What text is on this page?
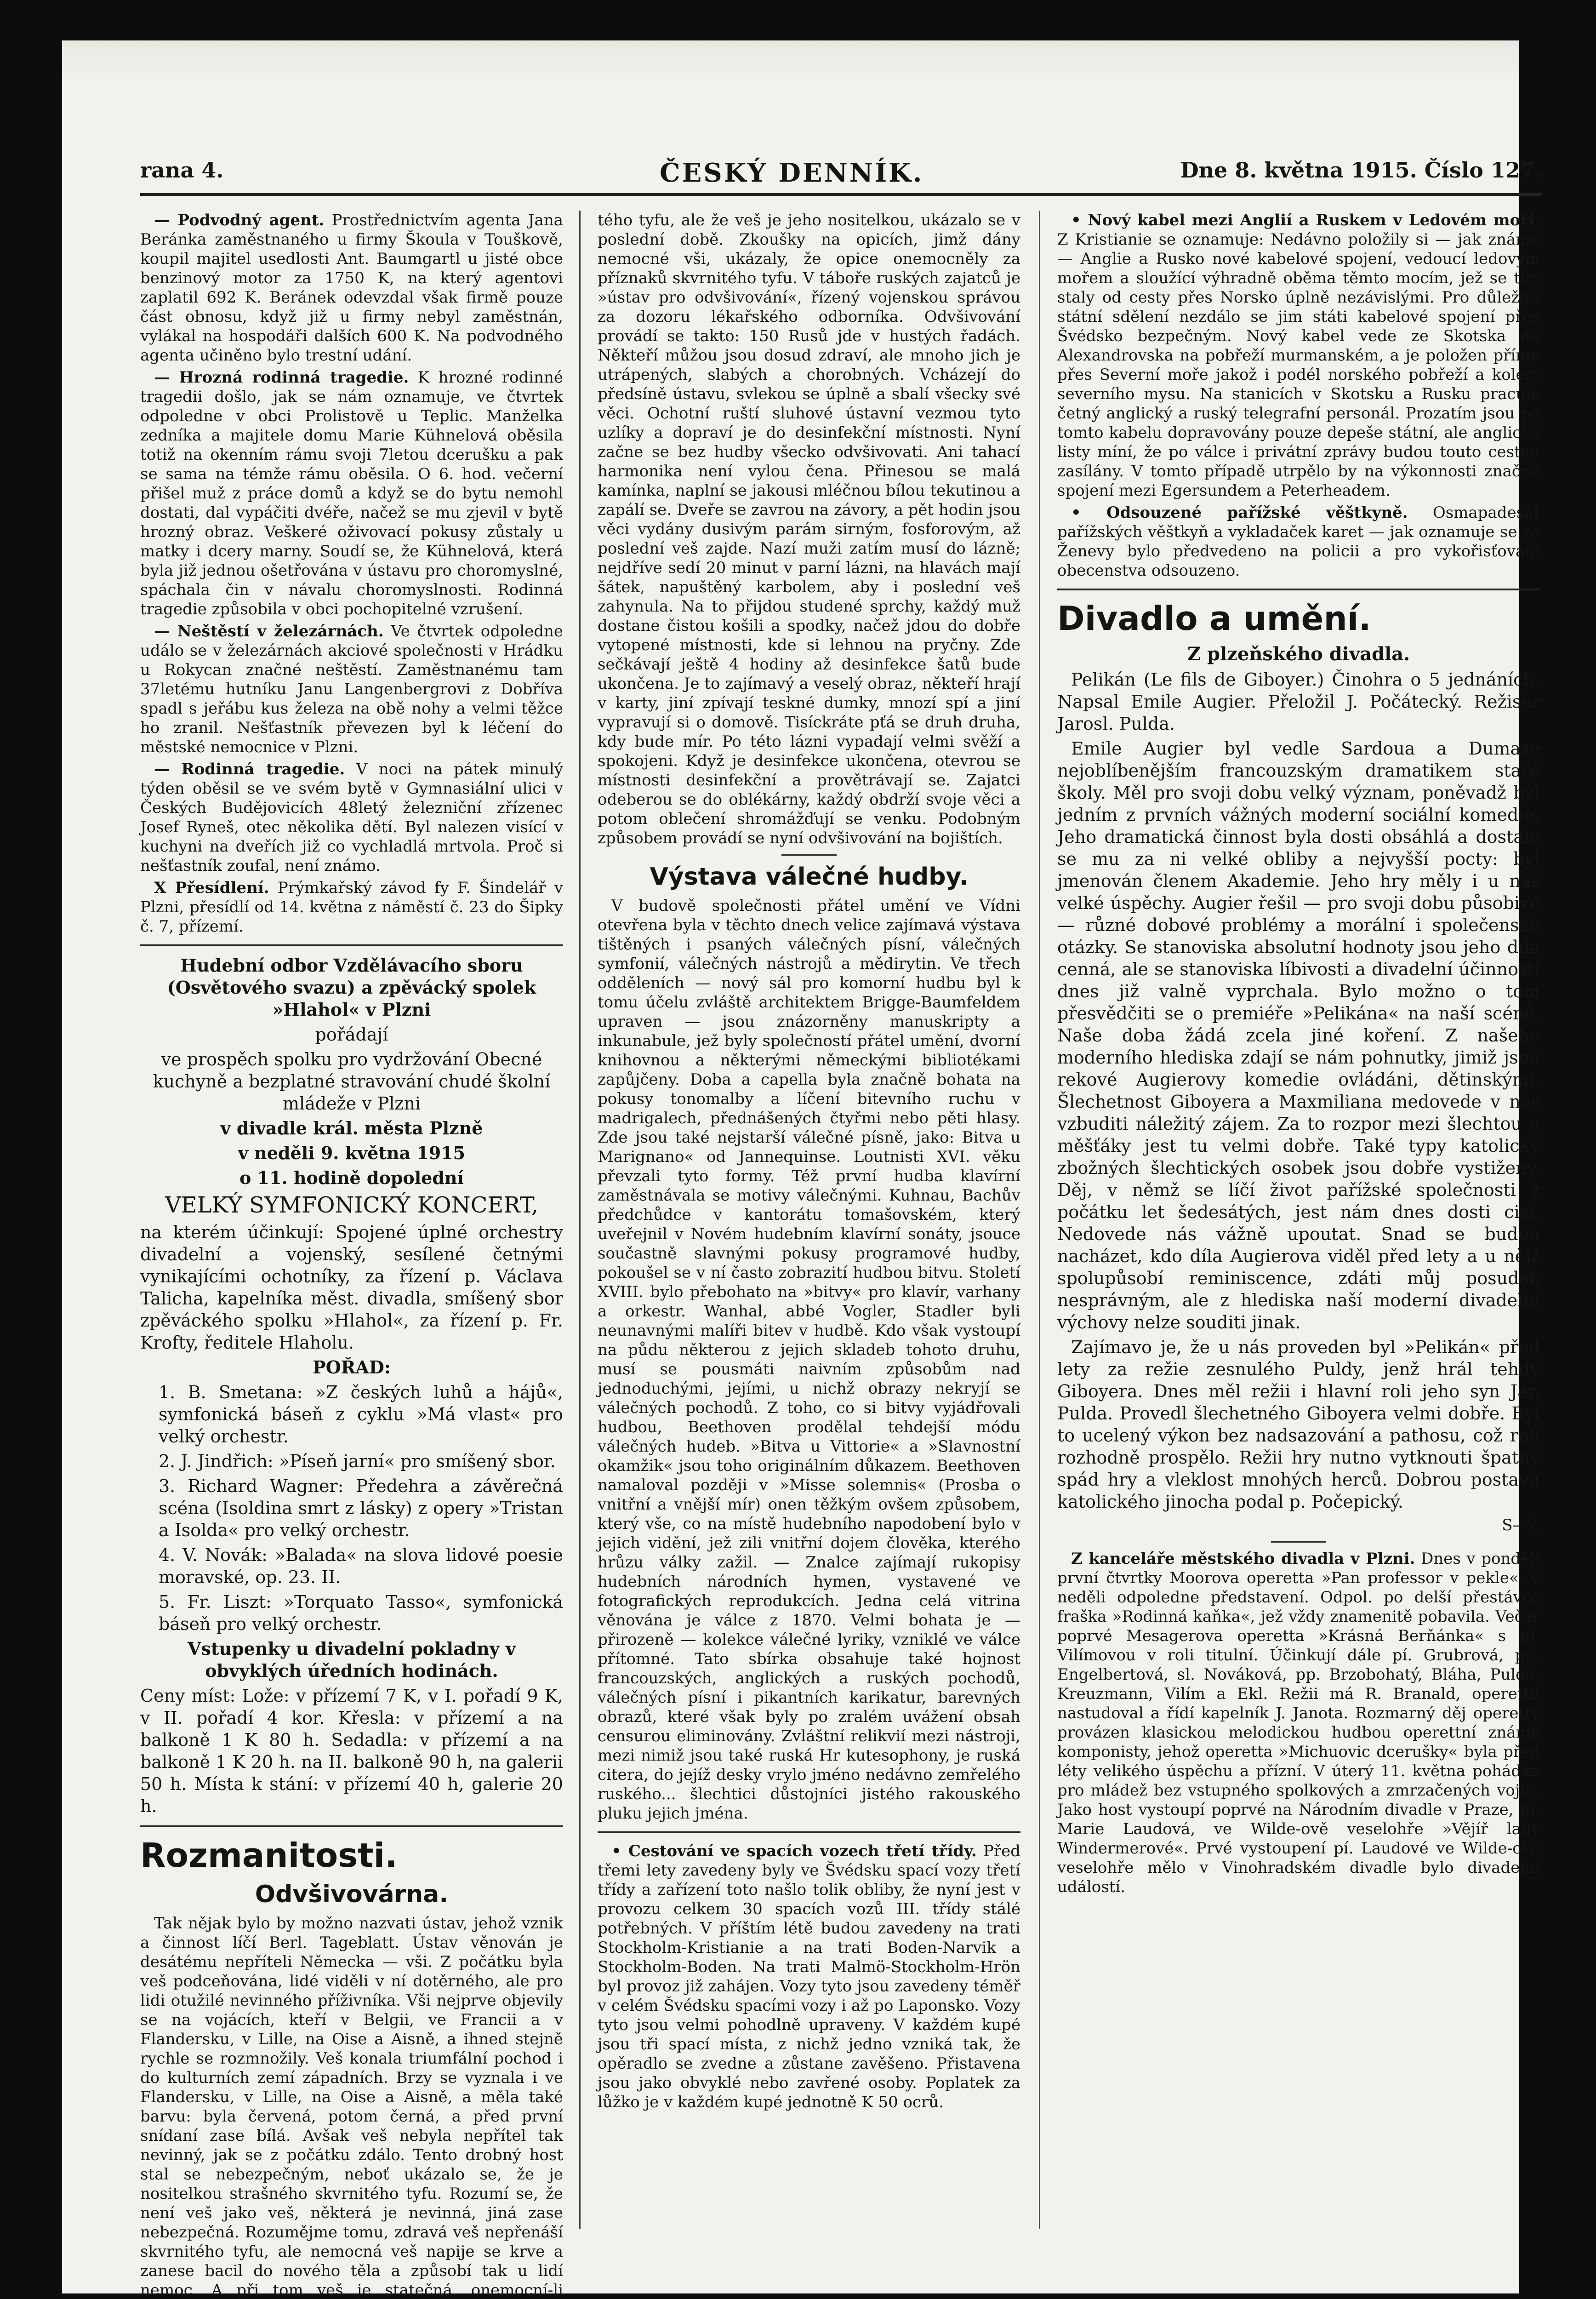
rana 4.	ČESKÝ DENNÍK.	Dne 8. května 1915. Číslo 127.

— Podvodný agent. Prostřednictvím agenta Jana Beránka zaměstnaného u firmy Škoula v Touškově, koupil majitel usedlosti Ant. Baumgartl u jisté obce benzinový motor za 1750 K, na který agentovi zaplatil 692 K. Beránek odevzdal však firmě pouze část obnosu, když již u firmy nebyl zaměstnán, vylákal na hospodáři dalších 600 K. Na podvodného agenta učiněno bylo trestní udání.

— Hrozná rodinná tragedie. K hrozné rodinné tragedii došlo, jak se nám oznamuje, ve čtvrtek odpoledne v obci Prolistově u Teplic. Manželka zedníka a majitele domu Marie Kühnelová oběsila totiž na okenním rámu svoji 7letou dcerušku a pak se sama na témže rámu oběsila. O 6. hod. večerní přišel muž z práce domů a když se do bytu nemohl dostati, dal vypáčiti dvéře, načež se mu zjevil v bytě hrozný obraz. Veškeré oživovací pokusy zůstaly u matky i dcery marny. Soudí se, že Kühnelová, která byla již jednou ošetřována v ústavu pro choromyslné, spáchala čin v návalu choromyslnosti. Rodinná tragedie způsobila v obci pochopitelné vzrušení.

— Neštěstí v železárnách. Ve čtvrtek odpoledne událo se v železárnách akciové společnosti v Hrádku u Rokycan značné neštěstí. Zaměstnanému tam 37letému hutníku Janu Langenbergrovi z Dobřívа spadl s jeřábu kus železa na obě nohy a velmi těžce ho zranil. Nešťastník převezen byl k léčení do městské nemocnice v Plzni.

— Rodinná tragedie. V noci na pátek minulý týden oběsil se ve svém bytě v Gymnasiální ulici v Českých Budějovicích 48letý železniční zřízenec Josef Ryneš, otec několika dětí. Byl nalezen visící v kuchyni na dveřích již co vychladlá mrtvola. Proč si nešťastník zoufal, není známo.

X Přesídlení. Prýmkařský závod fy F. Šindelář v Plzni, přesídlí od 14. května z náměstí č. 23 do Šipky č. 7, přízemí.

Hudební odbor Vzdělávacího sboru (Osvětového svazu) a zpěvácký spolek »Hlahol« v Plzni

pořádají

ve prospěch spolku pro vydržování Obecné kuchyně a bezplatné stravování chudé školní mládeže v Plzni

v divadle král. města Plzně

v neděli 9. května 1915

o 11. hodině dopolední

VELKÝ SYMFONICKÝ KONCERT,

na kterém účinkují: Spojené úplné orchestry divadelní a vojenský, sesílené četnými vynikajícími ochotníky, za řízení p. Václava Talicha, kapelníka měst. divadla, smíšený sbor zpěváckého spolku »Hlahol«, za řízení p. Fr. Krofty, ředitele Hlaholu.

POŘAD:

1. B. Smetana: »Z českých luhů a hájů«, symfonická báseň z cyklu »Má vlast« pro velký orchestr.

2. J. Jindřich: »Píseň jarní« pro smíšený sbor.

3. Richard Wagner: Předehra a závěrečná scéna (Isoldina smrt z lásky) z opery »Tristan a Isolda« pro velký orchestr.

4. V. Novák: »Balada« na slova lidové poesie moravské, op. 23. II.

5. Fr. Liszt: »Torquato Tasso«, symfonická báseň pro velký orchestr.

Vstupenky u divadelní pokladny v obvyklých úředních hodinách.

Ceny míst: Lože: v přízemí 7 K, v I. pořadí 9 K, v II. pořadí 4 kor. Křesla: v přízemí a na balkoně 1 K 80 h. Sedadla: v přízemí a na balkoně 1 K 20 h. na II. balkoně 90 h, na galerii 50 h. Místa k stání: v přízemí 40 h, galerie 20 h.

Rozmanitosti.

Odvšivovárna.

Tak nějak bylo by možno nazvati ústav, jehož vznik a činnost líčí Berl. Tageblatt. Ústav věnován je desátému nepříteli Německa — vši. Z počátku byla veš podceňována, lidé viděli v ní dotěrného, ale pro lidi otužilé nevinného příživníka. Vši nejprve objevily se na vojácích, kteří v Belgii, ve Francii a v Flandersku, v Lille, na Oise a Aisně, a ihned stejně rychle se rozmnožily. Veš konala triumfální pochod i do kulturních zemí západních. Brzy se vyznala i ve Flandersku, v Lille, na Oise a Aisně, a měla také barvu: byla červená, potom černá, a před první snídaní zase bílá. Avšak veš nebyla nepřítel tak nevinný, jak se z počátku zdálo. Tento drobný host stal se nebezpečným, neboť ukázalo se, že je nositelkou strašného skvrnitého tyfu. Rozumí se, že není veš jako veš, některá je nevinná, jiná zase nebezpečná. Rozumějme tomu, zdravá veš nepřenáší skvrnitého tyfu, ale nemocná veš napije se krve a zanese bacil do nového těla a způsobí tak u lidí nemoc. A při tom veš je statečná, onemocní-li

tého tyfu, ale že veš je jeho nositelkou, ukázalo se v poslední době. Zkoušky na opicích, jimž dány nemocné vši, ukázaly, že opice onemocněly za příznaků skvrnitého tyfu. V táboře ruských zajatců je »ústav pro odvšivování«, řízený vojenskou správou za dozoru lékařského odborníka. Odvšivování provádí se takto: 150 Rusů jde v hustých řadách. Někteří můžou jsou dosud zdraví, ale mnoho jich je utrápených, slabých a chorobných. Vcházejí do předsíně ústavu, svlekou se úplně a sbalí všecky své věci. Ochotní ruští sluhové ústavní vezmou tyto uzlíky a dopraví je do desinfekční místnosti. Nyní začne se bez hudby všecko odvšivovati. Ani tahací harmonika není vylou čena. Přinesou se malá kamínka, naplní se jakousi mléčnou bílou tekutinou a zapálí se. Dveře se zavrou na závory, a pět hodin jsou věci vydány dusivým parám sirným, fosforovým, až poslední veš zajde. Nazí muži zatím musí do lázně; nejdříve sedí 20 minut v parní lázni, na hlavách mají šátek, napuštěný karbolem, aby i poslední veš zahynula. Na to přijdou studené sprchy, každý muž dostane čistou košili a spodky, načež jdou do dobře vytopené místnosti, kde si lehnou na pryčny. Zde sečkávají ještě 4 hodiny až desinfekce šatů bude ukončena. Je to zajímavý a veselý obraz, někteří hrají v karty, jiní zpívají teskné dumky, mnozí spí a jiní vypravují si o domově. Tisíckráte pťá se druh druha, kdy bude mír. Po této lázni vypadají velmi svěží a spokojeni. Když je desinfekce ukončena, otevrou se místnosti desinfekční a provětrávají se. Zajatci odeberou se do oblékárny, každý obdrží svoje věci a potom oblečení shromážďují se venku. Podobným způsobem provádí se nyní odvšivování na bojištích.

Výstava válečné hudby.

V budově společnosti přátel umění ve Vídni otevřena byla v těchto dnech velice zajímavá výstava tištěných i psaných válečných písní, válečných symfonií, válečných nástrojů a mědirytin. Ve třech oddělеních — nový sál pro komorní hudbu byl k tomu účelu zvláště architektem Brigge-Baumfeldem upraven — jsou znázorněny manuskripty a inkunabule, jež byly společností přátel umění, dvorní knihovnou a některými německými bibliotékami zapůjčeny. Doba a capella byla značně bohata na pokusy tonomalby a líčení bitevního ruchu v madrigalech, přednášených čtyřmi nebo pěti hlasy. Zde jsou také nejstarší válečné písně, jako: Bitva u Marignano« od Jannequinse. Loutnisti XVI. věku převzali tyto formy. Též první hudba klavírní zaměstnávala se motivy válečnými. Kuhnau, Bachův předchůdce v kantorátu tomašovském, který uveřejnil v Novém hudebním klavírní sonáty, jsouce součastně slavnými pokusy programové hudby, pokoušel se v ní často zobrazití hudbou bitvu. Století XVIII. bylo přebohato na »bitvy« pro klavír, varhany a orkestr. Wanhal, abbé Vogler, Stadler byli neunavnými malíři bitev v hudbě. Kdo však vystoupí na půdu některou z jejich skladeb tohoto druhu, musí se pousmáti naivním způsobům nad jednoduchými, jejími, u nichž obrazy nekryjí se válečných pochodů. Z toho, co si bitvy vyjádřovali hudbou, Beethoven prodělal tehdejší módu válečných hudeb. »Bitva u Vittorie« a »Slavnostní okamžik« jsou toho originálním důkazem. Beethoven namaloval později v »Misse solemnis« (Prosba o vnitřní a vnější mír) onen těžkým ovšem způsobem, který vše, co na místě hudebního napodobení bylo v jejich vidění, jež zili vnitřní dojem člověka, kterého hrůzu války zažil. — Znalce zajímají rukopisy hudebních národních hymen, vystavené ve fotografických reprodukcích. Jedna celá vitrina věnována je válce z 1870. Velmi bohata je — přirozeně — kolekce válečné lyriky, vzniklé ve válce přítomné. Tato sbírka obsahuje také hojnost francouzských, anglických a ruských pochodů, válečných písní i pikantních karikatur, barevných obrazů, které však byly po zralém uvážení obsah censurou eliminovány. Zvláštní relikvií mezi nástroji, mezi nimiž jsou také ruská Hr kutesophony, je ruská citera, do jejíž desky vrylo jméno nedávno zemřelého ruského... šlechtici důstojníci jistého rakouského pluku jejich jména.

• Cestování ve spacích vozech třetí třídy. Před třemi lety zavedeny byly ve Švédsku spací vozy třetí třídy a zařízení toto našlo tolik obliby, že nyní jest v provozu celkem 30 spacích vozů III. třídy stálé potřebných. V příštím létě budou zavedeny na trati Stockholm-Kristianie a na trati Boden-Narvik a Stockholm-Boden. Na trati Malmö-Stockholm-Hrön byl provoz již zahájen. Vozy tyto jsou zavedeny téměř v celém Švédsku spacími vozy i až po Laponsko. Vozy tyto jsou velmi pohodlně upraveny. V každém kupé jsou tři spací místa, z nichž jedno vzniká tak, že opěradlo se zvedne a zůstane zavěšeno. Přistavena jsou jako obvyklé nebo zavřené osoby. Poplatek za lůžko je v každém kupé jednotně K 50 ocrů.

• Nový kabel mezi Anglií a Ruskem v Ledovém moři. Z Kristianie se oznamuje: Nedávno položily si — jak známo — Anglie a Rusko nové kabelové spojení, vedoucí ledovým mořem a sloužící výhradně oběma těmto mocím, jež se tím staly od cesty přes Norsko úplně nezávislými. Pro důležitá státní sdělení nezdálo se jim státi kabelové spojení přes Švédsko bezpečným. Nový kabel vede ze Skotska do Alexandrovska na pobřeží murmanském, a je položen přímo přes Severní moře jakož i podél norského pobřeží a kolem severního mysu. Na stanicích v Skotsku a Rusku pracuje četný anglický a ruský telegrafní personál. Prozatím jsou po tomto kabelu dopravovány pouze depeše státní, ale anglické listy míní, že po válce i privátní zprávy budou touto cestou zasílány. V tomto případě utrpělo by na výkonnosti značně spojení mezi Egersundem a Peterheadem.

• Odsouzené pařížské věštkyně. Osmapadesát pařížských věštkyň a vykladaček karet — jak oznamuje se ze Ženevy bylo předvedeno na policii a pro vykořisťování obecenstva odsouzeno.

Divadlo a umění.

Z plzeňského divadla.

Pelikán (Le fils de Giboyer.) Činohra o 5 jednáních. Napsal Emile Augier. Přeložil J. Počátecký. Režisér Jarosl. Pulda.

Emile Augier byl vedle Sardoua a Dumasе nejoblíbenějším francouzským dramatikem staré školy. Měl pro svoji dobu velký význam, poněvadž byl jedním z prvních vážných moderní sociální komedie. Jeho dramatická činnost byla dosti obsáhlá a dostalo se mu za ni velké obliby a nejvyšší pocty: byl jmenován členem Akademie. Jeho hry měly i u nás velké úspěchy. Augier řešil — pro svoji dobu působivě — různé dobové problémy a morální i společenské otázky. Se stanoviska absolutní hodnoty jsou jeho díla cenná, ale se stanoviska líbivosti a divadelní účinnosti dnes již valně vyprchala. Bylo možno o tom přesvědčiti se o premiéře »Pelikána« na naší scéně. Naše doba žádá zcela jiné koření. Z našeho moderního hlediska zdají se nám pohnutky, jimiž jsou rekové Augierovy komedie ovládáni, dětinskými. Šlechetnost Giboyera a Maxmiliana medovede v nás vzbuditi náležitý zájem. Za to rozpor mezi šlechtou a měšťáky jest tu velmi dobře. Také typy katolicky zbožných šlechtických osobek jsou dobře vystiženy. Děj, v němž se líčí život pařížské společnosti z počátku let šedesátých, jest nám dnes dosti cizí. Nedovede nás vážně upoutat. Snad se budou nacházet, kdo díla Augierova viděl před lety a u nějž spolupůsobí reminiscence, zdáti můj posudek nesprávným, ale z hlediska naší moderní divadelní výchovy nelze souditi jinak.

Zajímavo je, že u nás proveden byl »Pelikán« před lety za režie zesnulého Puldy, jenž hrál tehdy Giboyera. Dnes měl režii i hlavní roli jeho syn Jar. Pulda. Provedl šlechetného Giboyera velmi dobře. Byl to ucelený výkon bez nadsazování a pathosu, což roli rozhodně prospělo. Režii hry nutno vytknouti špatný spád hry a vleklost mnohých herců. Dobrou postavu katolického jinocha podal p. Počepický.

S—ý.

Z kanceláře městského divadla v Plzni. Dnes v pondělí první čtvrtky Moorova operetta »Pan professor v pekle«, v neděli odpoledne představení. Odpol. po delší přestávce fraška »Rodinná kaňka«, jež vždy znamenitě pobavila. Večer poprvé Mesagerova operetta »Krásná Berňánka« s pí. Vilímovou v roli titulní. Účinkují dále pí. Grubrová, pp. Engelbertová, sl. Nováková, pp. Brzobohatý, Bláha, Pulda, Kreuzmann, Vilím a Ekl. Režii má R. Branald, operettu nastudoval a řídí kapelník J. Janota. Rozmarný děj operetty provázen klasickou melodickou hudbou operettní známé komponisty, jehož operetta »Michuovic dcerušky« byla před léty velikého úspěchu a přízní. V úterý 11. května pohádka pro mládež bez vstupného spolkových a zmrzačených vojín. Jako host vystoupí poprvé na Národním divadle v Praze, pí. Marie Laudová, ve Wilde-ově veselohře »Vějíř lady Windermerové«. Prvé vystoupení pí. Laudové ve Wilde-ově veselohře mělo v Vinohradském divadle bylo divadelní událostí.
